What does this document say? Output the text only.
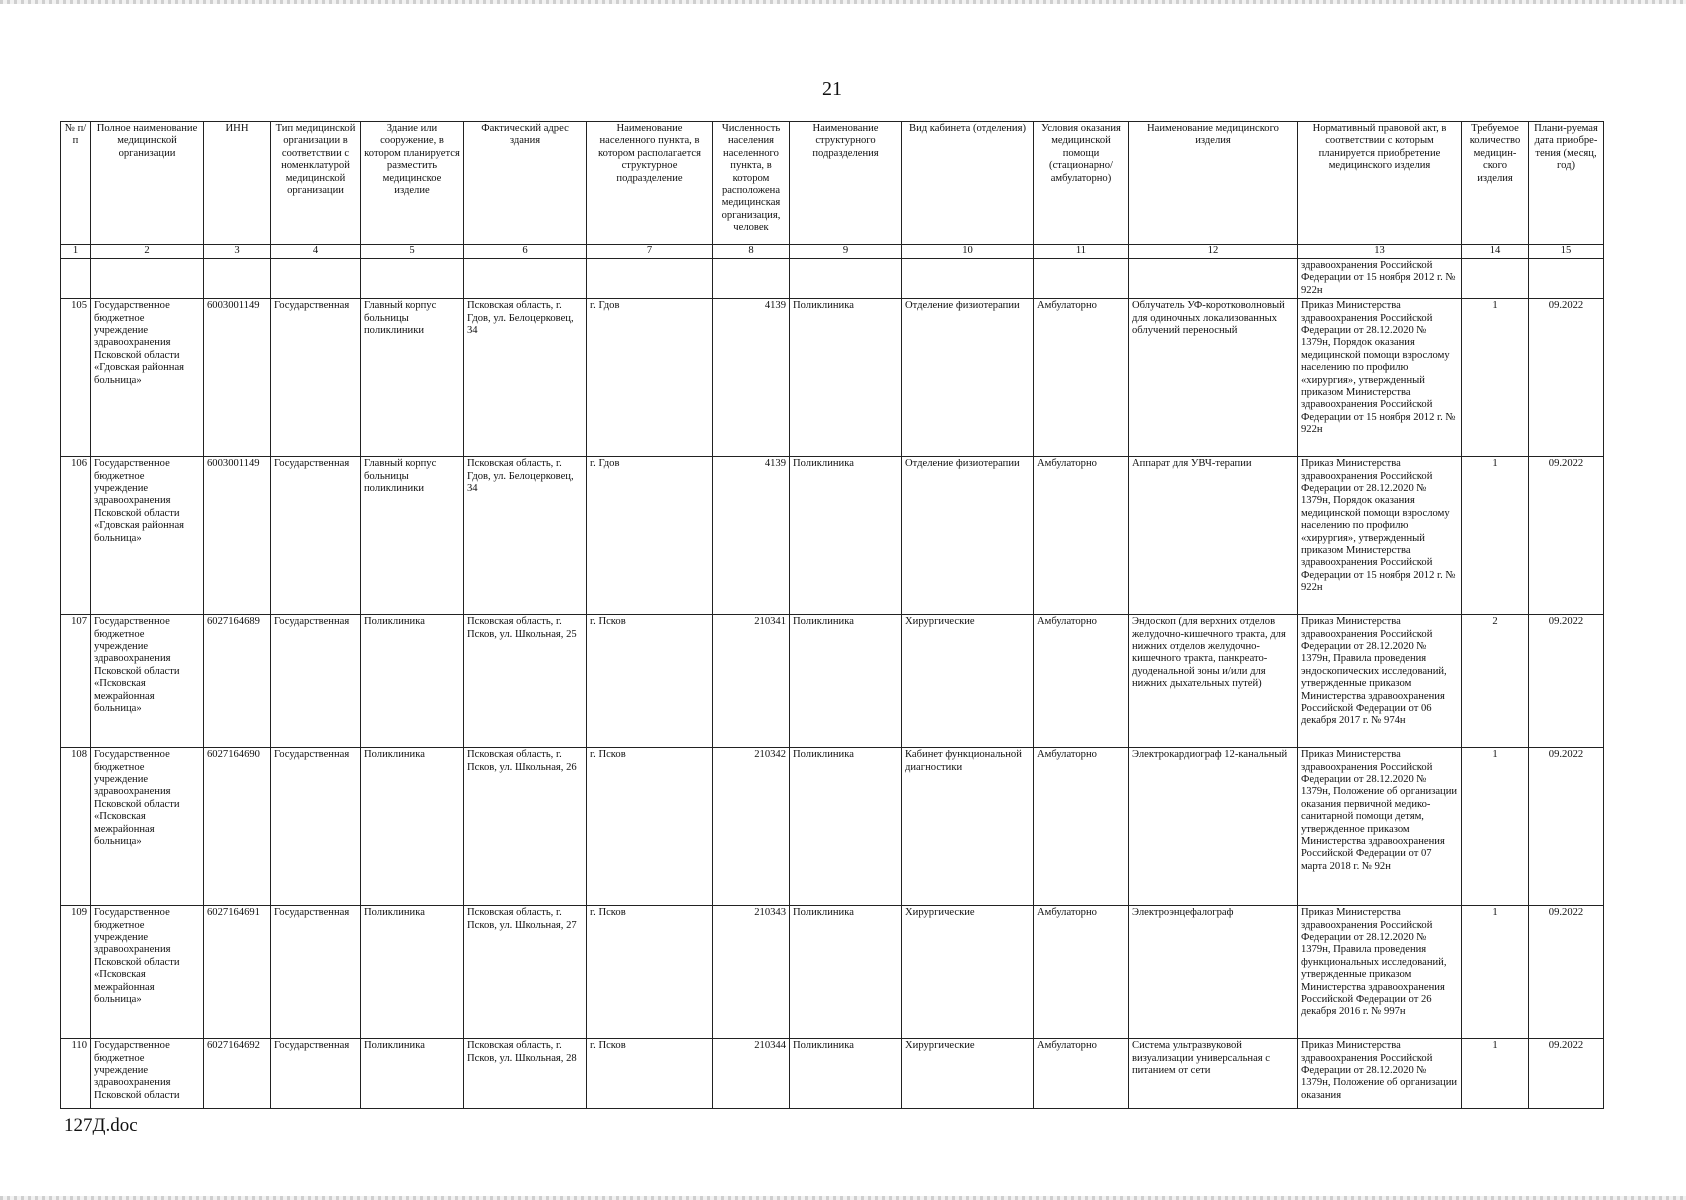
21
№ п/п	Полное наименование медицинской организации	ИНН	Тип медицинской организации в соответствии с номенклатурой медицинской организации	Здание или сооружение, в котором планируется разместить медицинское изделие	Фактический адрес здания	Наименование населенного пункта, в котором располагается структурное подразделение	Численность населения населенного пункта, в котором расположена медицинская организация, человек	Наименование структурного подразделения	Вид кабинета (отделения)	Условия оказания медицинской помощи (стационарно/ амбулаторно)	Наименование медицинского изделия	Нормативный правовой акт, в соответствии с которым планируется приобретение медицинского изделия	Требуемое количество медицин-ского изделия	Плани-руемая дата приобре-тения (месяц, год)
1	2	3	4	5	6	7	8	9	10	11	12	13	14	15
												здравоохранения Российской Федерации от 15 ноября 2012 г. № 922н		
105	Государственное бюджетное учреждение здравоохранения Псковской области «Гдовская районная больница»	6003001149	Государственная	Главный корпус больницы поликлиники	Псковская область, г. Гдов, ул. Белоцерковец, 34	г. Гдов	4139	Поликлиника	Отделение физиотерапии	Амбулаторно	Облучатель УФ-коротковолновый для одиночных локализованных облучений переносный	Приказ Министерства здравоохранения Российской Федерации от 28.12.2020 № 1379н, Порядок оказания медицинской помощи взрослому населению по профилю «хирургия», утвержденный приказом Министерства здравоохранения Российской Федерации от 15 ноября 2012 г. № 922н	1	09.2022
106	Государственное бюджетное учреждение здравоохранения Псковской области «Гдовская районная больница»	6003001149	Государственная	Главный корпус больницы поликлиники	Псковская область, г. Гдов, ул. Белоцерковец, 34	г. Гдов	4139	Поликлиника	Отделение физиотерапии	Амбулаторно	Аппарат для УВЧ-терапии	Приказ Министерства здравоохранения Российской Федерации от 28.12.2020 № 1379н, Порядок оказания медицинской помощи взрослому населению по профилю «хирургия», утвержденный приказом Министерства здравоохранения Российской Федерации от 15 ноября 2012 г. № 922н	1	09.2022
107	Государственное бюджетное учреждение здравоохранения Псковской области «Псковская межрайонная больница»	6027164689	Государственная	Поликлиника	Псковская область, г. Псков, ул. Школьная, 25	г. Псков	210341	Поликлиника	Хирургические	Амбулаторно	Эндоскоп (для верхних отделов желудочно-кишечного тракта, для нижних отделов желудочно-кишечного тракта, панкреато-дуоденальной зоны и/или для нижних дыхательных путей)	Приказ Министерства здравоохранения Российской Федерации от 28.12.2020 № 1379н, Правила проведения эндоскопических исследований, утвержденные приказом Министерства здравоохранения Российской Федерации от 06 декабря 2017 г. № 974н	2	09.2022
108	Государственное бюджетное учреждение здравоохранения Псковской области «Псковская межрайонная больница»	6027164690	Государственная	Поликлиника	Псковская область, г. Псков, ул. Школьная, 26	г. Псков	210342	Поликлиника	Кабинет функциональной диагностики	Амбулаторно	Электрокардиограф 12-канальный	Приказ Министерства здравоохранения Российской Федерации от 28.12.2020 № 1379н, Положение об организации оказания первичной медико-санитарной помощи детям, утвержденное приказом Министерства здравоохранения Российской Федерации от 07 марта 2018 г. № 92н	1	09.2022
109	Государственное бюджетное учреждение здравоохранения Псковской области «Псковская межрайонная больница»	6027164691	Государственная	Поликлиника	Псковская область, г. Псков, ул. Школьная, 27	г. Псков	210343	Поликлиника	Хирургические	Амбулаторно	Электроэнцефалограф	Приказ Министерства здравоохранения Российской Федерации от 28.12.2020 № 1379н, Правила проведения функциональных исследований, утвержденные приказом Министерства здравоохранения Российской Федерации от 26 декабря 2016 г. № 997н	1	09.2022
110	Государственное бюджетное учреждение здравоохранения Псковской области	6027164692	Государственная	Поликлиника	Псковская область, г. Псков, ул. Школьная, 28	г. Псков	210344	Поликлиника	Хирургические	Амбулаторно	Система ультразвуковой визуализации универсальная с питанием от сети	Приказ Министерства здравоохранения Российской Федерации от 28.12.2020 № 1379н, Положение об организации оказания	1	09.2022
127Д.doc
